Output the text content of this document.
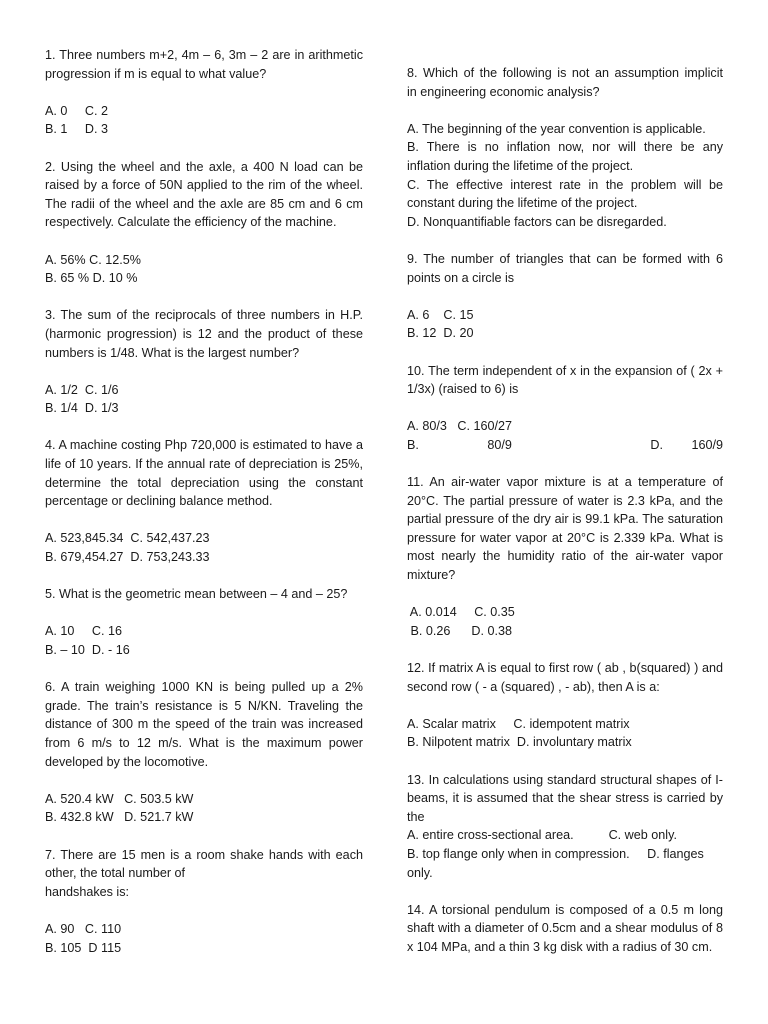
1. Three numbers m+2, 4m – 6, 3m – 2 are in arithmetic
progression if m is equal to what value?

A. 0     C. 2
B. 1     D. 3

2. Using the wheel and the axle, a 400 N load can be
raised by a force of 50N applied to the rim of the wheel.
The radii of the wheel and the axle are 85 cm and 6 cm
respectively. Calculate the efficiency of the machine.

A. 56% C. 12.5%
B. 65 % D. 10 %

3. The sum of the reciprocals of three numbers in H.P.
(harmonic progression) is 12 and the product of these
numbers is 1/48. What is the largest number?

A. 1/2  C. 1/6
B. 1/4  D. 1/3

4. A machine costing Php 720,000 is estimated to have a
life of 10 years. If the annual rate of depreciation is 25%,
determine the total depreciation using the constant
percentage or declining balance method.

A. 523,845.34  C. 542,437.23
B. 679,454.27  D. 753,243.33

5. What is the geometric mean between – 4 and – 25?

A. 10     C. 16
B. – 10  D. - 16

6. A train weighing 1000 KN is being pulled up a 2%
grade. The train’s resistance is 5 N/KN. Traveling the
distance of 300 m the speed of the train was increased
from 6 m/s to 12 m/s. What is the maximum power
developed by the locomotive.

A. 520.4 kW   C. 503.5 kW
B. 432.8 kW   D. 521.7 kW

7. There are 15 men is a room shake hands with each
other, the total number of
handshakes is:

A. 90   C. 110
B. 105  D 115

8. Which of the following is not an assumption implicit
in engineering economic analysis?

A. The beginning of the year convention is applicable.
B. There is no inflation now, nor will there be any
inflation during the lifetime of the project.
C. The effective interest rate in the problem will be
constant during the lifetime of the project.
D. Nonquantifiable factors can be disregarded.

9. The number of triangles that can be formed with 6
points on a circle is

A. 6    C. 15
B. 12  D. 20

10. The term independent of x in the expansion of ( 2x +
1/3x) (raised to 6) is

A. 80/3   C. 160/27
B.	80/9	D. 160/9

11. An air-water vapor mixture is at a temperature of
20°C. The partial pressure of water is 2.3 kPa, and the
partial pressure of the dry air is 99.1 kPa. The saturation
pressure for water vapor at 20°C is 2.339 kPa. What is
most nearly the humidity ratio of the air-water vapor
mixture?

A. 0.014     C. 0.35
B. 0.26      D. 0.38

12. If matrix A is equal to first row ( ab , b(squared) ) and
second row ( - a (squared) , - ab), then A is a:

A. Scalar matrix     C. idempotent matrix
B. Nilpotent matrix  D. involuntary matrix

13. In calculations using standard structural shapes of I-
beams, it is assumed that the shear stress is carried by
the

A. entire cross-sectional area.          C. web only.
B. top flange only when in compression.     D. flanges
only.

14. A torsional pendulum is composed of a 0.5 m long
shaft with a diameter of 0.5cm and a shear modulus of 8
x 104 MPa, and a thin 3 kg disk with a radius of 30 cm.
